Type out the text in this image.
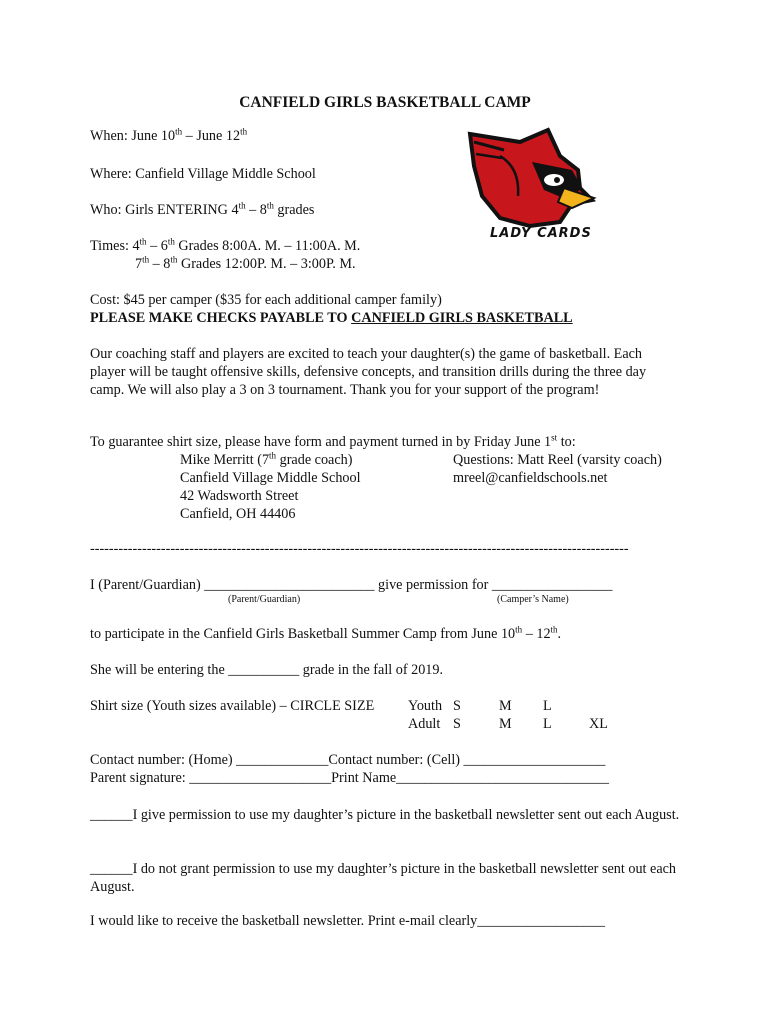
CANFIELD GIRLS BASKETBALL CAMP
When: June 10th – June 12th
Where: Canfield Village Middle School
Who: Girls ENTERING 4th – 8th grades
Times: 4th – 6th Grades 8:00A. M. – 11:00A. M.
7th – 8th Grades 12:00P. M. – 3:00P. M.
Cost: $45 per camper ($35 for each additional camper family)
PLEASE MAKE CHECKS PAYABLE TO CANFIELD GIRLS BASKETBALL
Our coaching staff and players are excited to teach your daughter(s) the game of basketball. Each player will be taught offensive skills, defensive concepts, and transition drills during the three day camp. We will also play a 3 on 3 tournament. Thank you for your support of the program!
To guarantee shirt size, please have form and payment turned in by Friday June 1st to:
Mike Merritt (7th grade coach)
Canfield Village Middle School
42 Wadsworth Street
Canfield, OH 44406
Questions: Matt Reel (varsity coach)
mreel@canfieldschools.net
------------------------------------------------------------------------------------------------------------------
I (Parent/Guardian) ________________________ give permission for _________________
(Parent/Guardian)	(Camper’s Name)
to participate in the Canfield Girls Basketball Summer Camp from June 10th – 12th.
She will be entering the __________ grade in the fall of 2019.
Shirt size (Youth sizes available) – CIRCLE SIZE Youth S	M L
Adult S	M L	XL
Contact number: (Home) _____________Contact number: (Cell) ____________________
Parent signature: ____________________Print Name______________________________
______I give permission to use my daughter’s picture in the basketball newsletter sent out each August.
______I do not grant permission to use my daughter’s picture in the basketball newsletter sent out each August.
I would like to receive the basketball newsletter. Print e-mail clearly__________________
LADY CARDS
